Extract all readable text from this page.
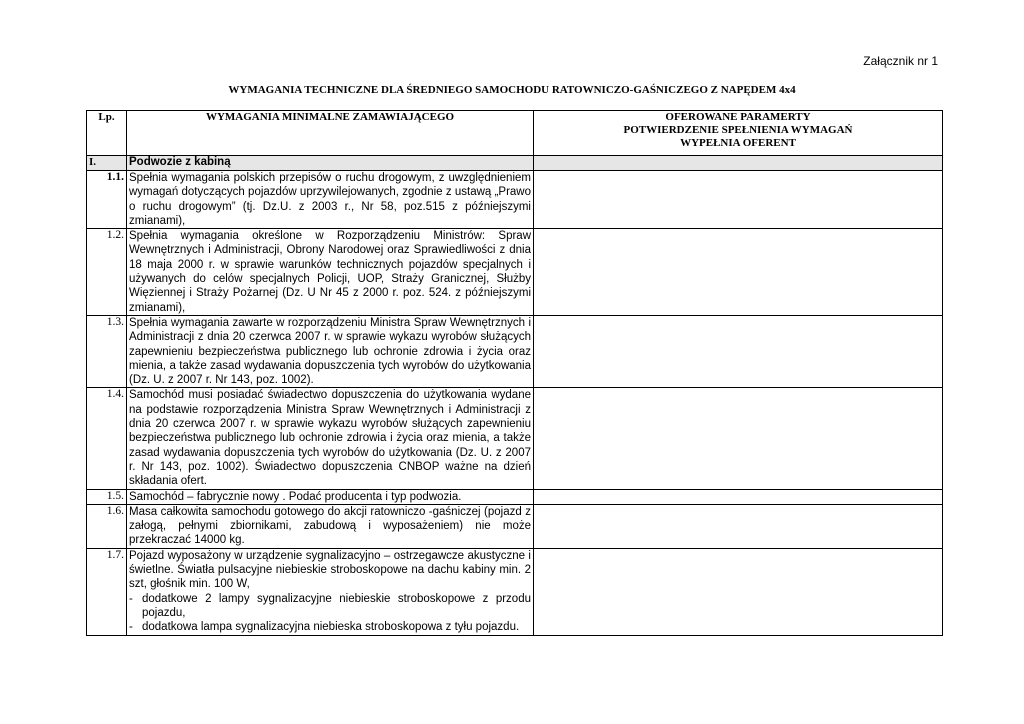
Załącznik nr 1
WYMAGANIA TECHNICZNE DLA ŚREDNIEGO SAMOCHODU RATOWNICZO-GAŚNICZEGO Z NAPĘDEM 4x4
Lp.	WYMAGANIA MINIMALNE ZAMAWIAJĄCEGO	OFEROWANE PARAMERTY
POTWIERDZENIE SPEŁNIENIA WYMAGAŃ
WYPEŁNIA OFERENT

I.	Podwozie z kabiną	
1.1.	Spełnia wymagania polskich przepisów o ruchu drogowym, z uwzględnieniem wymagań dotyczących pojazdów uprzywilejowanych, zgodnie z ustawą „Prawo o ruchu drogowym” (tj. Dz.U. z 2003 r., Nr 58, poz.515 z późniejszymi zmianami),	
1.2.	Spełnia wymagania określone w Rozporządzeniu Ministrów: Spraw Wewnętrznych i Administracji, Obrony Narodowej oraz Sprawiedliwości z dnia 18 maja 2000 r. w sprawie warunków technicznych pojazdów specjalnych i używanych do celów specjalnych Policji, UOP, Straży Granicznej, Służby Więziennej i Straży Pożarnej (Dz. U Nr 45 z 2000 r. poz. 524. z późniejszymi zmianami),	
1.3.	Spełnia wymagania zawarte w rozporządzeniu Ministra Spraw Wewnętrznych i Administracji z dnia 20 czerwca 2007 r. w sprawie wykazu wyrobów służących zapewnieniu bezpieczeństwa publicznego lub ochronie zdrowia i życia oraz mienia, a także zasad wydawania dopuszczenia tych wyrobów do użytkowania (Dz. U. z 2007 r. Nr 143, poz. 1002).	
1.4.	Samochód musi posiadać świadectwo dopuszczenia do użytkowania wydane na podstawie rozporządzenia Ministra Spraw Wewnętrznych i Administracji z dnia 20 czerwca 2007 r. w sprawie wykazu wyrobów służących zapewnieniu bezpieczeństwa publicznego lub ochronie zdrowia i życia oraz mienia, a także zasad wydawania dopuszczenia tych wyrobów do użytkowania (Dz. U. z 2007 r. Nr 143, poz. 1002). Świadectwo dopuszczenia CNBOP ważne na dzień składania ofert.	
1.5.	Samochód – fabrycznie nowy . Podać producenta i typ podwozia.	
1.6.	Masa całkowita samochodu gotowego do akcji ratowniczo -gaśniczej (pojazd z załogą, pełnymi zbiornikami, zabudową i wyposażeniem) nie może przekraczać 14000 kg.	
1.7.	Pojazd wyposażony w urządzenie sygnalizacyjno – ostrzegawcze akustyczne i świetlne. Światła pulsacyjne niebieskie stroboskopowe na dachu kabiny min. 2 szt, głośnik min. 100 W,
- dodatkowe 2 lampy sygnalizacyjne niebieskie stroboskopowe z przodu pojazdu,
- dodatkowa lampa sygnalizacyjna niebieska stroboskopowa z tyłu pojazdu.	
